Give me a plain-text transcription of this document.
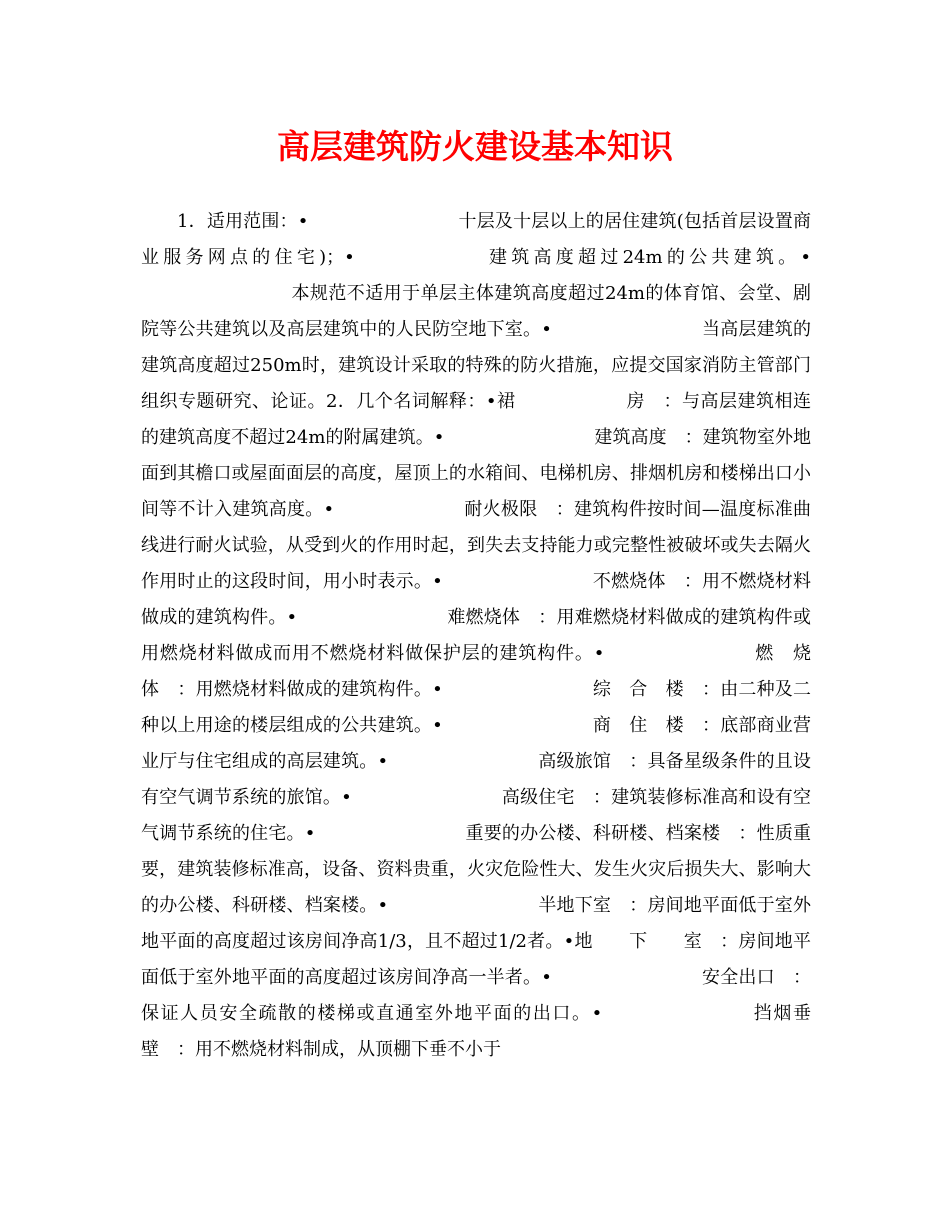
高层建筑防火建设基本知识

1．适用范围：•	十层及十层以上的居住建筑(包括首层设置商业服务网点的住宅)；•	建筑高度超过24m的公共建筑。•本规范不适用于单层主体建筑高度超过24m的体育馆、会堂、剧院等公共建筑以及高层建筑中的人民防空地下室。•	当高层建筑的建筑高度超过250m时，建筑设计采取的特殊的防火措施，应提交国家消防主管部门组织专题研究、论证。2．几个名词解释：•裙　　　　　　房　：与高层建筑相连的建筑高度不超过24m的附属建筑。•	建筑高度　：建筑物室外地面到其檐口或屋面面层的高度，屋顶上的水箱间、电梯机房、排烟机房和楼梯出口小间等不计入建筑高度。•	耐火极限　：建筑构件按时间—温度标准曲线进行耐火试验，从受到火的作用时起，到失去支持能力或完整性被破坏或失去隔火作用时止的这段时间，用小时表示。•	不燃烧体　：用不燃烧材料做成的建筑构件。•	难燃烧体　：用难燃烧材料做成的建筑构件或用燃烧材料做成而用不燃烧材料做保护层的建筑构件。•	燃　烧　体　：用燃烧材料做成的建筑构件。•	综　合　楼　：由二种及二种以上用途的楼层组成的公共建筑。•	商　住　楼　：底部商业营业厅与住宅组成的高层建筑。•	高级旅馆　：具备星级条件的且设有空气调节系统的旅馆。•	高级住宅　：建筑装修标准高和设有空气调节系统的住宅。•	重要的办公楼、科研楼、档案楼　：性质重要，建筑装修标准高，设备、资料贵重，火灾危险性大、发生火灾后损失大、影响大的办公楼、科研楼、档案楼。•	半地下室　：房间地平面低于室外地平面的高度超过该房间净高1/3，且不超过1/2者。•地　　下　　室　：房间地平面低于室外地平面的高度超过该房间净高一半者。•	安全出口　：保证人员安全疏散的楼梯或直通室外地平面的出口。•	挡烟垂壁　：用不燃烧材料制成，从顶棚下垂不小于
